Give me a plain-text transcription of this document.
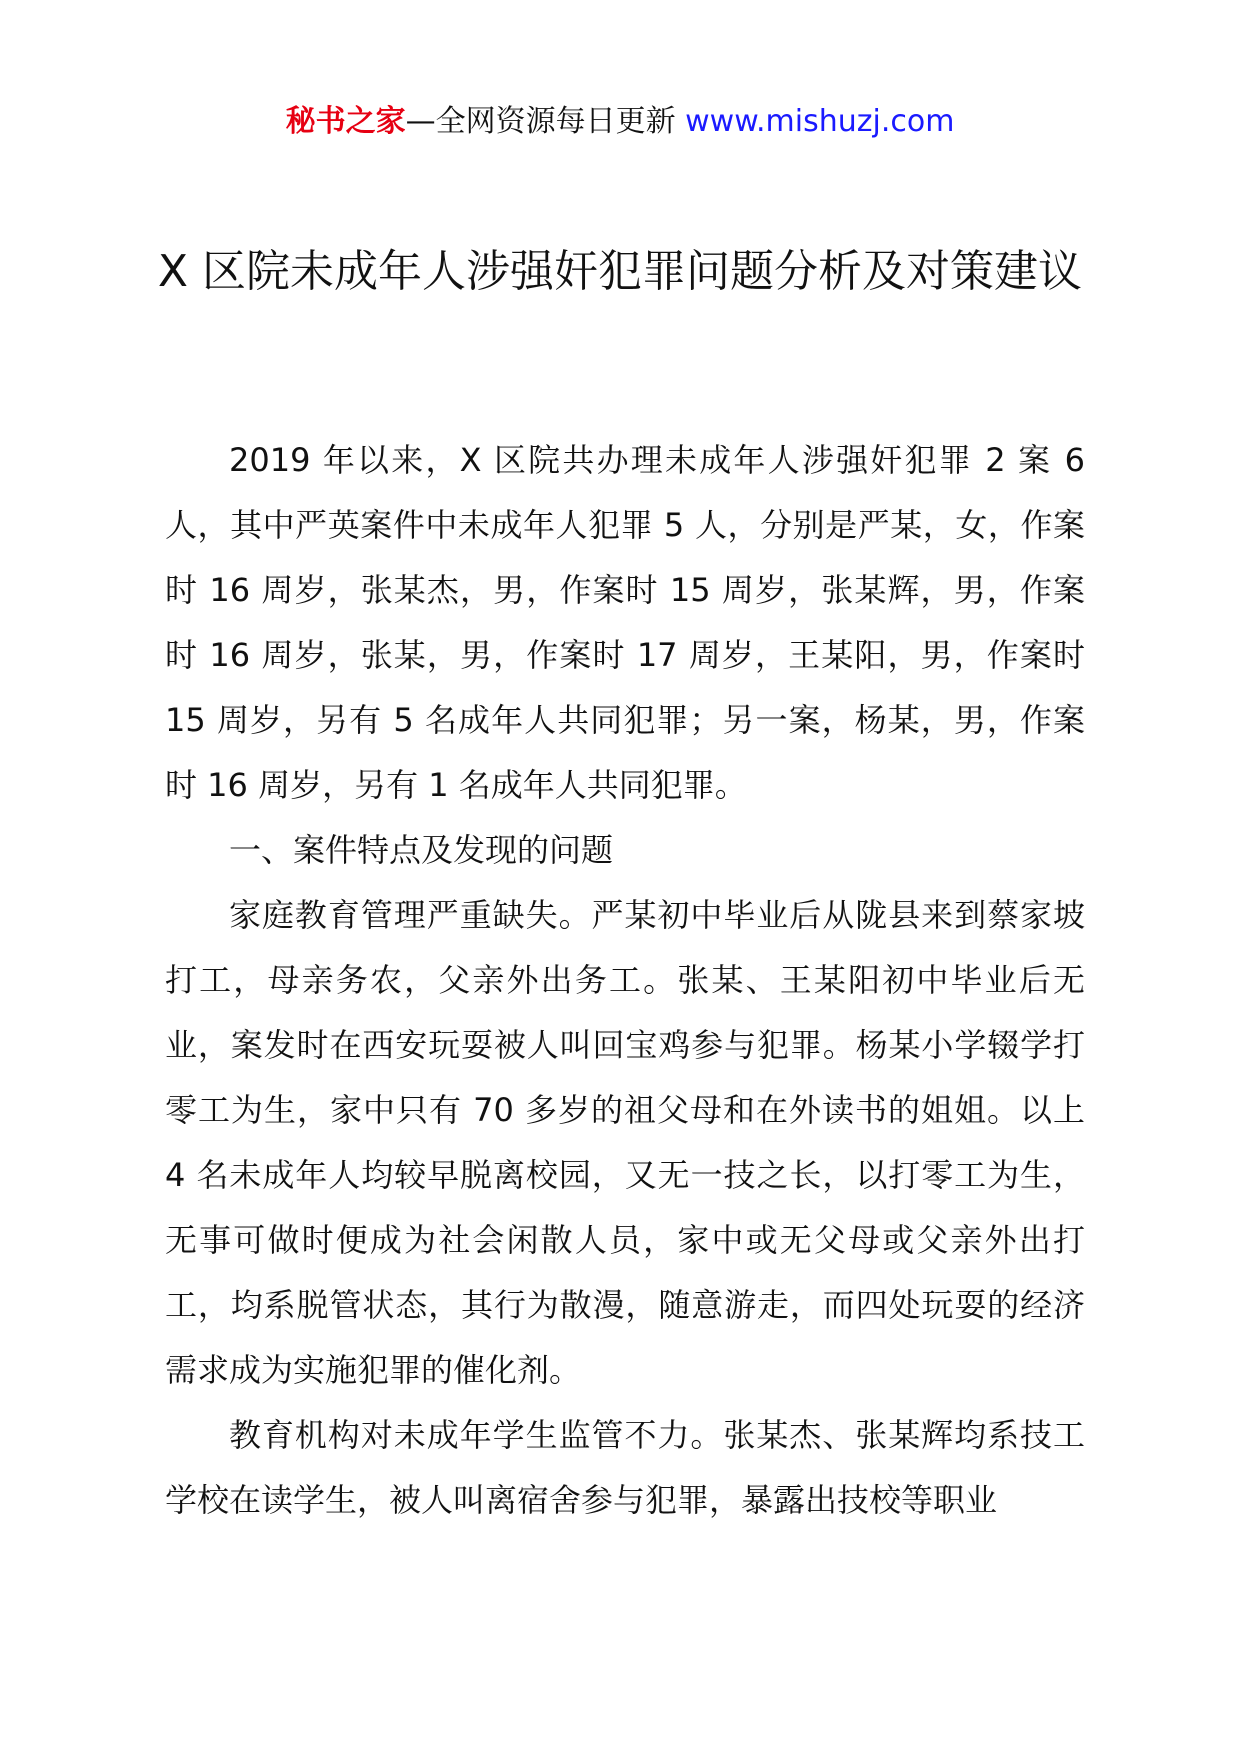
秘书之家—全网资源每日更新 www.mishuzj.com
X 区院未成年人涉强奸犯罪问题分析及对策建议

2019 年以来，X 区院共办理未成年人涉强奸犯罪 2 案 6 人，其中严英案件中未成年人犯罪 5 人，分别是严某，女，作案时 16 周岁，张某杰，男，作案时 15 周岁，张某辉，男，作案时 16 周岁，张某，男，作案时 17 周岁，王某阳，男，作案时 15 周岁，另有 5 名成年人共同犯罪；另一案，杨某，男，作案时 16 周岁，另有 1 名成年人共同犯罪。

一、案件特点及发现的问题

家庭教育管理严重缺失。严某初中毕业后从陇县来到蔡家坡打工，母亲务农，父亲外出务工。张某、王某阳初中毕业后无业，案发时在西安玩耍被人叫回宝鸡参与犯罪。杨某小学辍学打零工为生，家中只有 70 多岁的祖父母和在外读书的姐姐。以上 4 名未成年人均较早脱离校园，又无一技之长，以打零工为生，无事可做时便成为社会闲散人员，家中或无父母或父亲外出打工，均系脱管状态，其行为散漫，随意游走，而四处玩耍的经济需求成为实施犯罪的催化剂。

教育机构对未成年学生监管不力。张某杰、张某辉均系技工学校在读学生，被人叫离宿舍参与犯罪，暴露出技校等职业
